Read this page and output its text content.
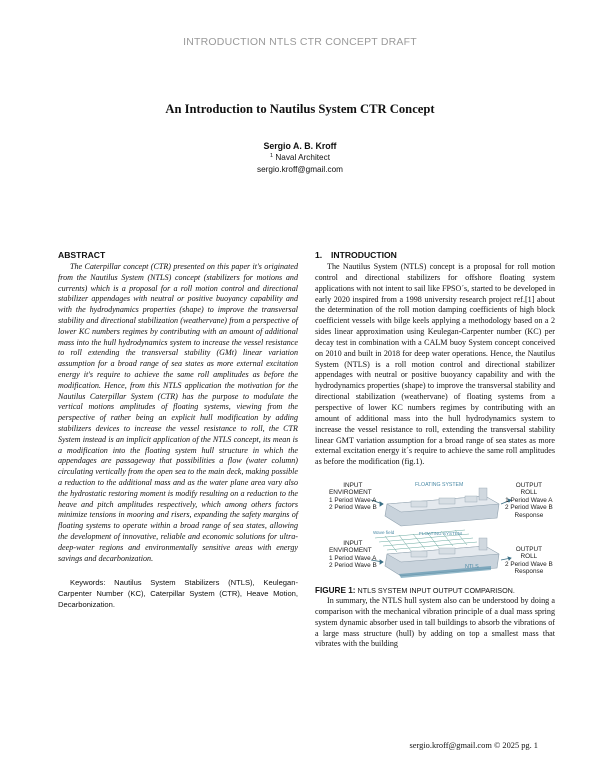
INTRODUCTION NTLS CTR CONCEPT DRAFT
An Introduction to Nautilus System CTR Concept
Sergio A. B. Kroff
$^1$ Naval Architect
sergio.kroff@gmail.com
ABSTRACT

The Caterpillar concept (CTR) presented on this paper it's originated from the Nautilus System (NTLS) concept (stabilizers for motions and currents) which is a proposal for a roll motion control and directional stabilizer appendages with neutral or positive buoyancy capability and with the hydrodynamics properties (shape) to improve the transversal stability and directional stabilization (weathervane) from a perspective of lower KC numbers regimes by contributing with an amount of additional mass into the hull hydrodynamics system to increase the vessel resistance to roll extending the transversal stability (GMt) linear variation assumption for a broad range of sea states as more external excitation energy it's require to achieve the same roll amplitudes as before the modification. Hence, from this NTLS application the motivation for the Nautilus Caterpillar System (CTR) has the purpose to modulate the vertical motions amplitudes of floating systems, viewing from the perspective of rather being an explicit hull modification by adding stabilizers devices to increase the vessel resistance to roll, the CTR System instead is an implicit application of the NTLS concept, its mean is a modification into the floating system hull structure in which the appendages are passageway that possibilities a flow (water column) circulating vertically from the open sea to the main deck, making possible a reduction to the additional mass and as the water plane area vary also the hydrostatic restoring moment is modify resulting on a reduction to the heave and pitch amplitudes respectively, which among others factors minimize tensions in mooring and risers, expanding the safety margins of floating systems to operate within a broad range of sea states, allowing the development of innovative, reliable and economic solutions for ultra-deep-water regions and environmentally sensitive areas with energy savings and decarbonization.

Keywords: Nautilus System Stabilizers (NTLS), Keulegan-Carpenter Number (KC), Caterpillar System (CTR), Heave Motion, Decarbonization.

1. INTRODUCTION

The Nautilus System (NTLS) concept is a proposal for roll motion control and directional stabilizers for offshore floating system applications with not intent to sail like FPSO´s, started to be developed in early 2020 inspired from a 1998 university research project ref.[1] about the determination of the roll motion damping coefficients of high block coefficient vessels with bilge keels applying a methodology based on a 2 sides linear approximation using Keulegan-Carpenter number (KC) per decay test in combination with a CALM buoy System concept conceived on 2010 and built in 2018 for deep water operations. Hence, the Nautilus System (NTLS) is a roll motion control and directional stabilizer appendages with neutral or positive buoyancy capability and with the hydrodynamics properties (shape) to improve the transversal stability and directional stabilization (weathervane) of floating systems from a perspective of lower KC numbers regimes by contributing with an amount of additional mass into the hull hydrodynamics system to increase the vessel resistance to roll, extending the transversal stability linear GMT variation assumption for a broad range of sea states as more external excitation energy it´s require to achieve the same roll amplitudes as before the modification (fig.1).

INPUT
ENVIROMENT
1 Period Wave A
2 Period Wave B
FLOATING SYSTEM	OUTPUT
ROLL
1 Period Wave A
2 Period Wave B
Response
Wave field	FLOATING SYSTEM
INPUT
ENVIROMENT
1 Period Wave A
2 Period Wave B	NTLS
OUTPUT
ROLL
2 Period Wave B
Response

FIGURE 1: NTLS SYSTEM INPUT OUTPUT COMPARISON.

In summary, the NTLS hull system also can be understood by doing a comparison with the mechanical vibration principle of a dual mass spring system dynamic absorber used in tall buildings to absorb the vibrations of a large mass structure (hull) by adding on top a smallest mass that vibrates with the building

sergio.kroff@gmail.com © 2025 pg. 1
